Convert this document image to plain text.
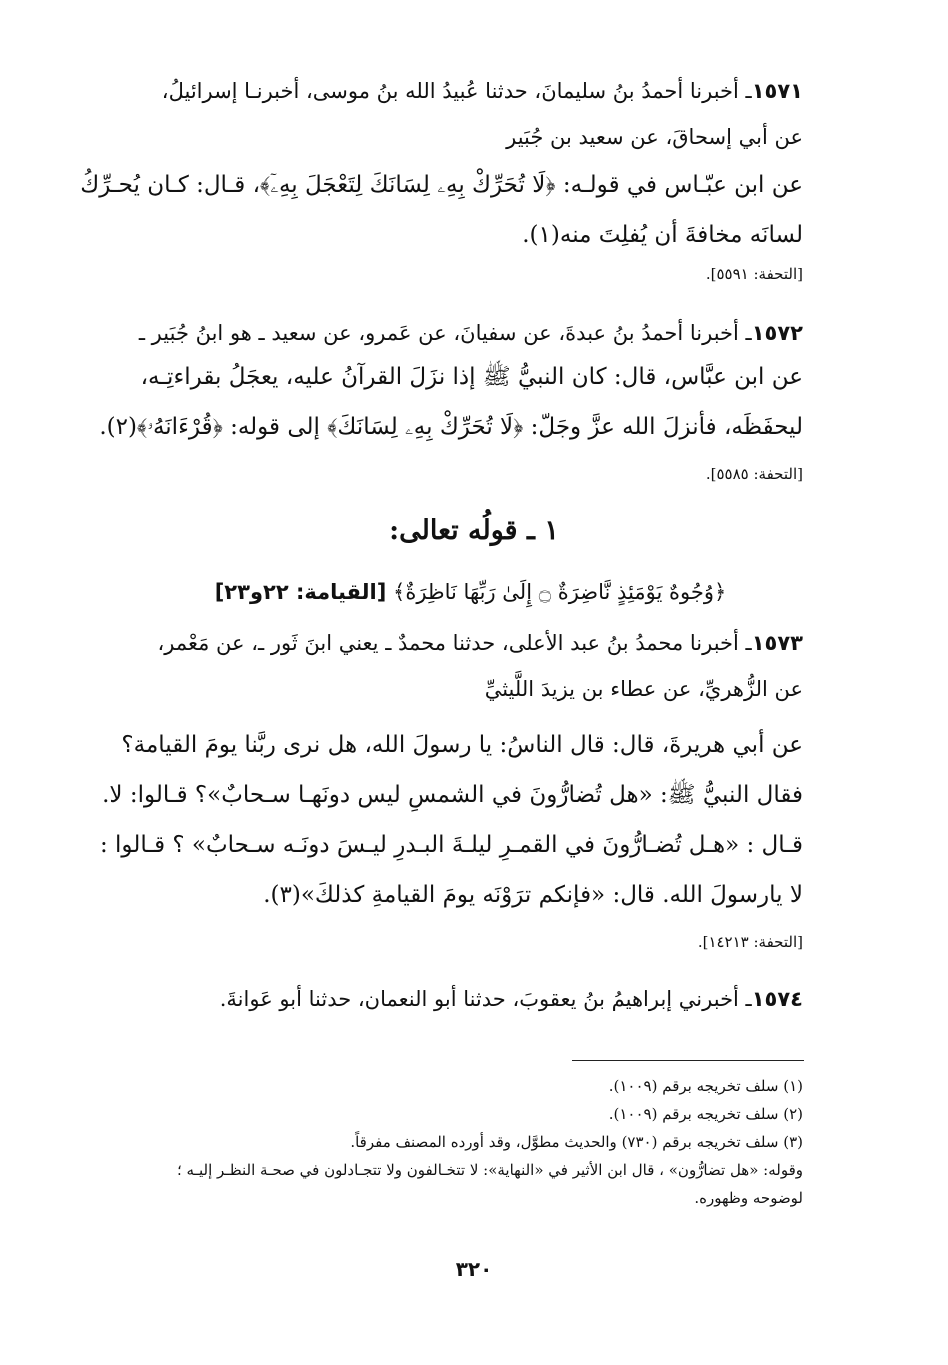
١٥٧١ـ أخبرنا أحمدُ بنُ سليمانَ، حدثنا عُبيدُ الله بنُ موسى، أخبرنـا إسرائيلُ،
عن أبي إسحاقَ، عن سعيد بن جُبَير
عن ابن عبّـاس في قولـه: ﴿لَا تُحَرِّكْ بِهِۦ لِسَانَكَ لِتَعْجَلَ بِهِۦٓ﴾، قـال: كـان يُحـرِّكُ
لسانَه مخافةَ أن يُفلِتَ منه(١).
[التحفة: ٥٥٩١].
١٥٧٢ـ أخبرنا أحمدُ بنُ عبدةَ، عن سفيانَ، عن عَمرو، عن سعيد ـ هو ابنُ جُبَير ـ
عن ابن عبَّاس، قال: كان النبيُّ ﷺ إذا نزَلَ القرآنُ عليه، يعجَلُ بقراءتِـه،
ليحفَظَه، فأنزلَ الله عزَّ وجَلّ: ﴿لَا تُحَرِّكْ بِهِۦ لِسَانَكَ﴾ إلى قوله: ﴿قُرْءَانَهُۥ﴾(٢).
[التحفة: ٥٥٨٥].
١ ـ قولُه تعالى:
﴿وُجُوهٌ يَوْمَئِذٍ نَّاضِرَةٌ ۝ إِلَىٰ رَبِّهَا نَاظِرَةٌ﴾ [القيامة: ٢٢و٢٣]
١٥٧٣ـ أخبرنا محمدُ بنُ عبد الأعلى، حدثنا محمدٌ ـ يعني ابنَ ثَور ـ، عن مَعْمر،
عن الزُّهريِّ، عن عطاء بن يزيدَ اللَّيثيِّ
عن أبي هريرةَ، قال: قال الناسُ: يا رسولَ الله، هل نرى ربَّنا يومَ القيامة؟
فقال النبيُّ ﷺ: «هل تُضارُّونَ في الشمسِ ليس دونَهـا سـحابٌ»؟ قـالوا: لا.
قـال : «هـل تُضـارُّونَ في القمـرِ ليلـةَ البـدرِ ليـسَ دونَـه سـحابٌ» ؟ قـالوا :
لا يارسولَ الله. قال: «فإنكم ترَوْنَه يومَ القيامةِ كذلكَ»(٣).
[التحفة: ١٤٢١٣].
١٥٧٤ـ أخبرني إبراهيمُ بنُ يعقوبَ، حدثنا أبو النعمان، حدثنا أبو عَوانةَ.
(١) سلف تخريجه برقم (١٠٠٩).
(٢) سلف تخريجه برقم (١٠٠٩).
(٣) سلف تخريجه برقم (٧٣٠) والحديث مطوَّل، وقد أورده المصنف مفرقاً.
وقوله: «هل تضارُّون» ، قال ابن الأثير في «النهاية»: لا تتخـالفون ولا تتجـادلون في صحـة النظـر إليـه ؛
لوضوحه وظهوره.
٣٢٠
